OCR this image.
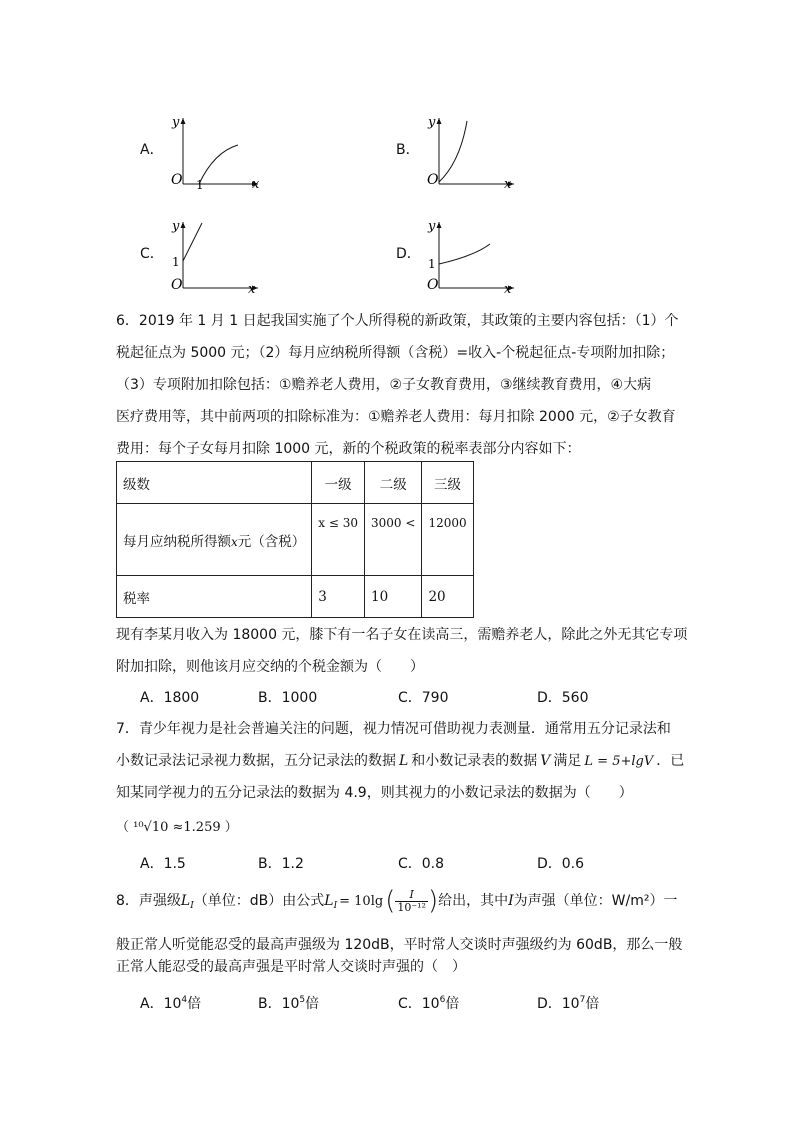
A．
y
x
O 1
B．
y
x
O
C．
y
x
O
1	D．
y
x
O
1
6．2019 年 1 月 1 日起我国实施了个人所得税的新政策，其政策的主要内容包括：（1）个
税起征点为 5000 元；（2）每月应纳税所得额（含税）=收入-个税起征点-专项附加扣除；
（3）专项附加扣除包括：①赡养老人费用，②子女教育费用，③继续教育费用，④大病
医疗费用等，其中前两项的扣除标准为：①赡养老人费用：每月扣除 2000 元，②子女教育
费用：每个子女每月扣除 1000 元，新的个税政策的税率表部分内容如下：
级数	一级	二级	三级
每月应纳税所得额x元（含税）	x ≤ 30	3000 <	12000
税率	3	10	20
现有李某月收入为 18000 元，膝下有一名子女在读高三，需赡养老人，除此之外无其它专项
附加扣除，则他该月应交纳的个税金额为（　　）
A．1800	B．1000	C．790	D．560
7．青少年视力是社会普遍关注的问题，视力情况可借助视力表测量．通常用五分记录法和
小数记录法记录视力数据，五分记录法的数据 L 和小数记录表的数据 V 满足 L = 5+lgV ．已
知某同学视力的五分记录法的数据为 4.9，则其视力的小数记录法的数据为（　　）
（ ¹⁰√10 ≈1.259 ）
A．1.5	B．1.2	C．0.8	D．0.6
8．声强级$L_I$（单位：dB）由公式$L_I = 10\lg( \frac{I}{\text{10⁻¹²}}$ )给出，其中I为声强（单位：W/m²）一
般正常人听觉能忍受的最高声强级为 120dB，平时常人交谈时声强级约为 60dB，那么一般
正常人能忍受的最高声强是平时常人交谈时声强的（　）
A．$10^4$倍	B．$10^5$倍	C．$10^6$倍	D．$10^7$倍
